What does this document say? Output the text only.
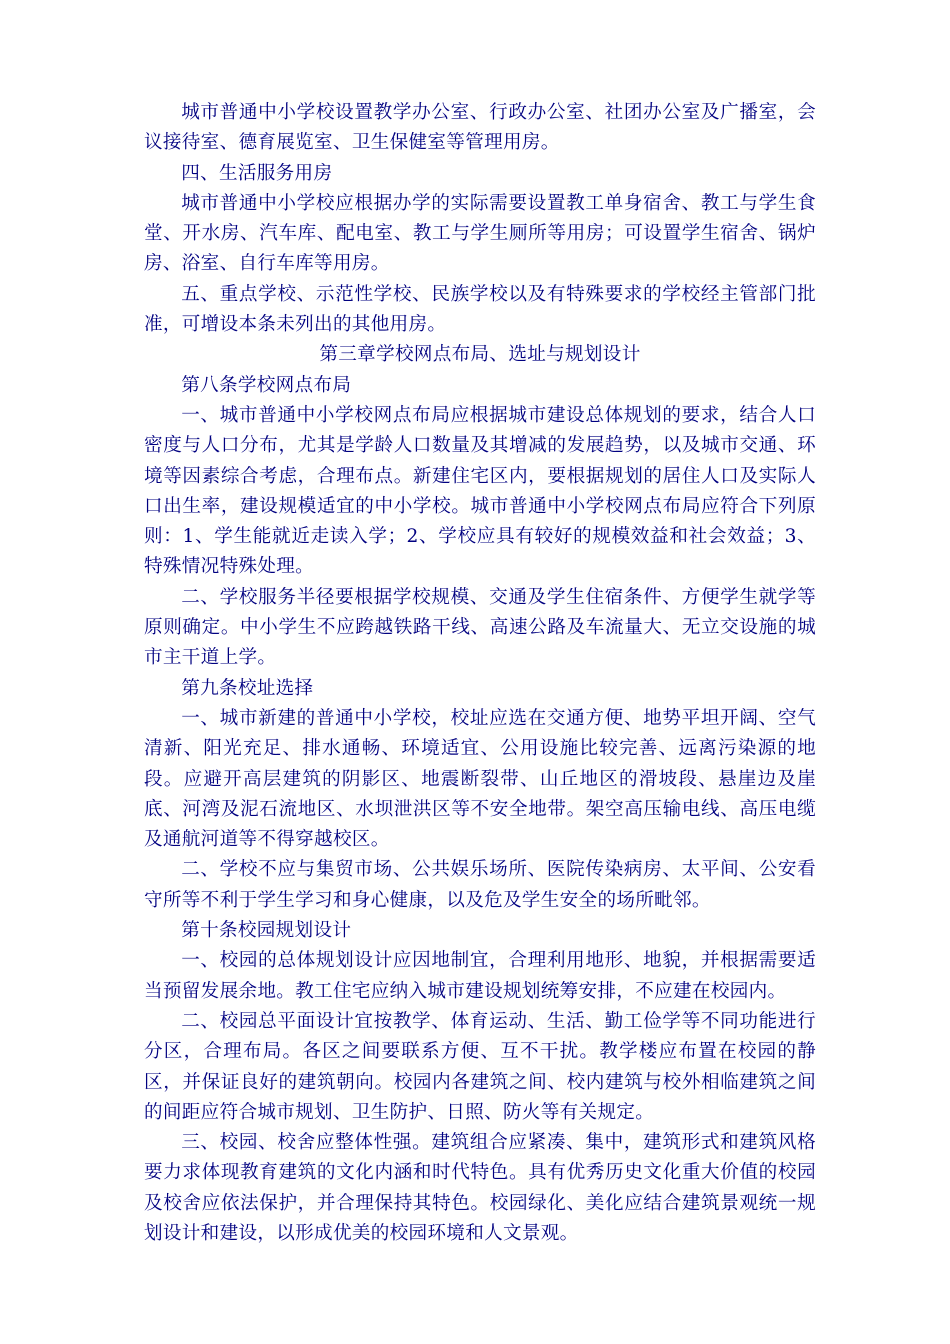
城市普通中小学校设置教学办公室、行政办公室、社团办公室及广播室，会议接待室、德育展览室、卫生保健室等管理用房。

四、生活服务用房

城市普通中小学校应根据办学的实际需要设置教工单身宿舍、教工与学生食堂、开水房、汽车库、配电室、教工与学生厕所等用房；可设置学生宿舍、锅炉房、浴室、自行车库等用房。

五、重点学校、示范性学校、民族学校以及有特殊要求的学校经主管部门批准，可增设本条未列出的其他用房。

第三章学校网点布局、选址与规划设计

第八条学校网点布局

一、城市普通中小学校网点布局应根据城市建设总体规划的要求，结合人口密度与人口分布，尤其是学龄人口数量及其增减的发展趋势，以及城市交通、环境等因素综合考虑，合理布点。新建住宅区内，要根据规划的居住人口及实际人口出生率，建设规模适宜的中小学校。城市普通中小学校网点布局应符合下列原则：1、学生能就近走读入学；2、学校应具有较好的规模效益和社会效益；3、特殊情况特殊处理。

二、学校服务半径要根据学校规模、交通及学生住宿条件、方便学生就学等原则确定。中小学生不应跨越铁路干线、高速公路及车流量大、无立交设施的城市主干道上学。

第九条校址选择

一、城市新建的普通中小学校，校址应选在交通方便、地势平坦开阔、空气清新、阳光充足、排水通畅、环境适宜、公用设施比较完善、远离污染源的地段。应避开高层建筑的阴影区、地震断裂带、山丘地区的滑坡段、悬崖边及崖底、河湾及泥石流地区、水坝泄洪区等不安全地带。架空高压输电线、高压电缆及通航河道等不得穿越校区。

二、学校不应与集贸市场、公共娱乐场所、医院传染病房、太平间、公安看守所等不利于学生学习和身心健康，以及危及学生安全的场所毗邻。

第十条校园规划设计

一、校园的总体规划设计应因地制宜，合理利用地形、地貌，并根据需要适当预留发展余地。教工住宅应纳入城市建设规划统筹安排，不应建在校园内。

二、校园总平面设计宜按教学、体育运动、生活、勤工俭学等不同功能进行分区，合理布局。各区之间要联系方便、互不干扰。教学楼应布置在校园的静区，并保证良好的建筑朝向。校园内各建筑之间、校内建筑与校外相临建筑之间的间距应符合城市规划、卫生防护、日照、防火等有关规定。

三、校园、校舍应整体性强。建筑组合应紧凑、集中，建筑形式和建筑风格要力求体现教育建筑的文化内涵和时代特色。具有优秀历史文化重大价值的校园及校舍应依法保护，并合理保持其特色。校园绿化、美化应结合建筑景观统一规划设计和建设，以形成优美的校园环境和人文景观。
